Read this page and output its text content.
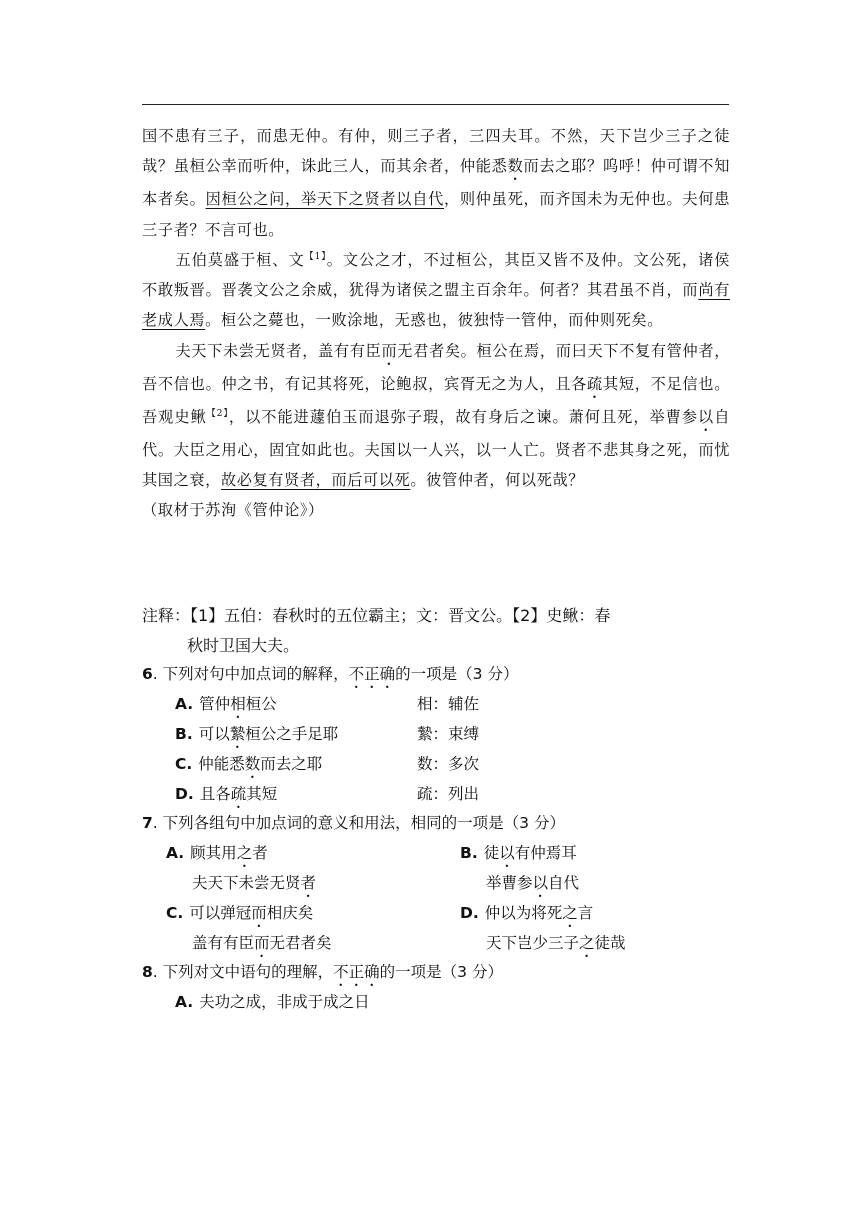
国不患有三子，而患无仲。有仲，则三子者，三四夫耳。不然，天下岂少三子之徒哉？虽桓公幸而听仲，诛此三人，而其余者，仲能悉数而去之耶？呜呼！仲可谓不知本者矣。因桓公之问，举天下之贤者以自代，则仲虽死，而齐国未为无仲也。夫何患三子者？不言可也。

五伯莫盛于桓、文$^{【1】}$。文公之才，不过桓公，其臣又皆不及仲。文公死，诸侯不敢叛晋。晋袭文公之余威，犹得为诸侯之盟主百余年。何者？其君虽不肖，而尚有老成人焉。桓公之薨也，一败涂地，无惑也，彼独恃一管仲，而仲则死矣。

夫天下未尝无贤者，盖有有臣而无君者矣。桓公在焉，而曰天下不复有管仲者，吾不信也。仲之书，有记其将死，论鲍叔，宾胥无之为人，且各疏其短，不足信也。吾观史鳅$^{【2】}$，以不能进蘧伯玉而退弥子瑕，故有身后之谏。萧何且死，举曹参以自代。大臣之用心，固宜如此也。夫国以一人兴，以一人亡。贤者不悲其身之死，而忧其国之衰，故必复有贤者，而后可以死。彼管仲者，何以死哉？

（取材于苏洵《管仲论》）

注释：【1】五伯：春秋时的五位霸主；文：晋文公。【2】史鳅：春

秋时卫国大夫。

6. 下列对句中加点词的解释，不正确的一项是（3 分）
A. 管仲相桓公	相：辅佐
B. 可以縶桓公之手足耶	縶：束缚
C. 仲能悉数而去之耶	数：多次
D. 且各疏其短	疏：列出
7. 下列各组句中加点词的意义和用法，相同的一项是（3 分）
A. 顾其用之者
夫天下未尝无贤者
B. 徒以有仲焉耳
举曹参以自代
C. 可以弹冠而相庆矣
盖有有臣而无君者矣
D. 仲以为将死之言
天下岂少三子之徒哉
8. 下列对文中语句的理解，不正确的一项是（3 分）
A. 夫功之成，非成于成之日
